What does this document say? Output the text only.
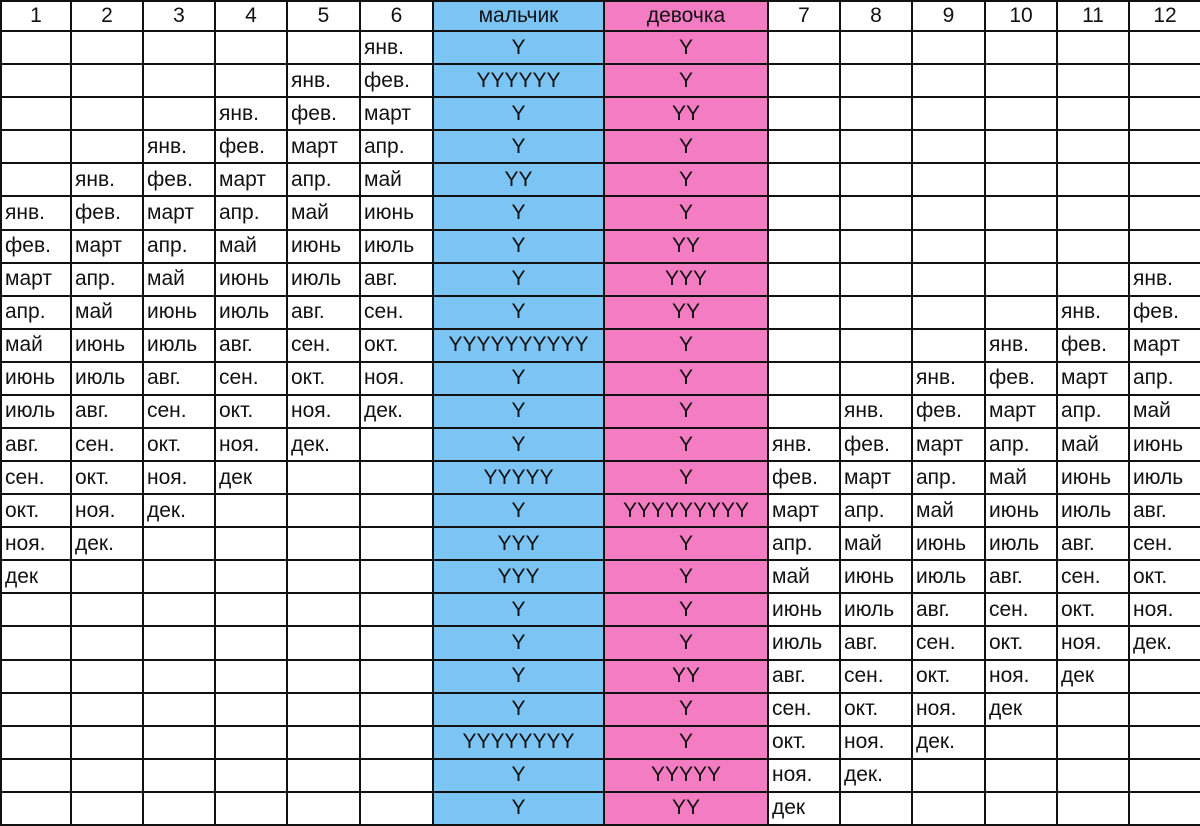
1	2	3	4	5	6	мальчик	девочка	7	8	9	10	11	12
					янв.	Y	Y						
				янв.	фев.	YYYYYY	Y						
			янв.	фев.	март	Y	YY						
		янв.	фев.	март	апр.	Y	Y						
	янв.	фев.	март	апр.	май	YY	Y						
янв.	фев.	март	апр.	май	июнь	Y	Y						
фев.	март	апр.	май	июнь	июль	Y	YY						
март	апр.	май	июнь	июль	авг.	Y	YYY						янв.
апр.	май	июнь	июль	авг.	сен.	Y	YY					янв.	фев.
май	июнь	июль	авг.	сен.	окт.	YYYYYYYYYY	Y				янв.	фев.	март
июнь	июль	авг.	сен.	окт.	ноя.	Y	Y			янв.	фев.	март	апр.
июль	авг.	сен.	окт.	ноя.	дек.	Y	Y		янв.	фев.	март	апр.	май
авг.	сен.	окт.	ноя.	дек.		Y	Y	янв.	фев.	март	апр.	май	июнь
сен.	окт.	ноя.	дек			YYYYY	Y	фев.	март	апр.	май	июнь	июль
окт.	ноя.	дек.				Y	YYYYYYYYY	март	апр.	май	июнь	июль	авг.
ноя.	дек.					YYY	Y	апр.	май	июнь	июль	авг.	сен.
дек						YYY	Y	май	июнь	июль	авг.	сен.	окт.
						Y	Y	июнь	июль	авг.	сен.	окт.	ноя.
						Y	Y	июль	авг.	сен.	окт.	ноя.	дек.
						Y	YY	авг.	сен.	окт.	ноя.	дек	
						Y	Y	сен.	окт.	ноя.	дек		
						YYYYYYYY	Y	окт.	ноя.	дек.			
						Y	YYYYY	ноя.	дек.				
						Y	YY	дек					
